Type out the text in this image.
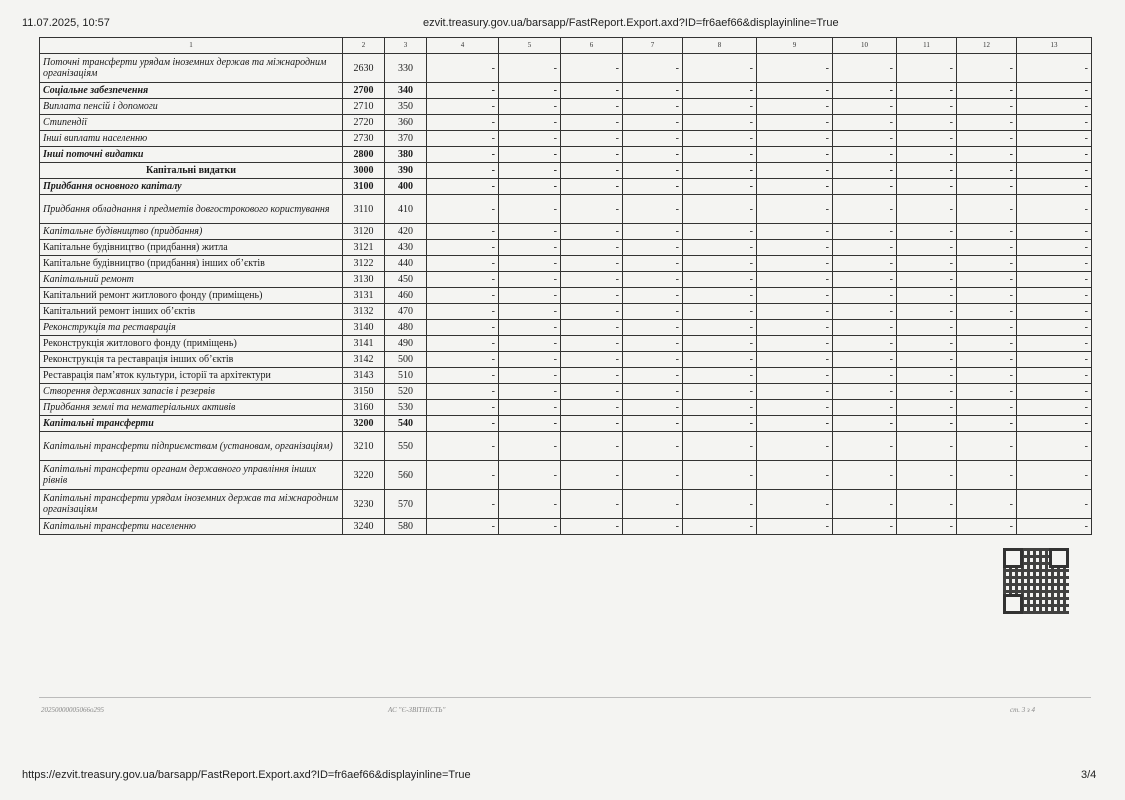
11.07.2025, 10:57	ezvit.treasury.gov.ua/barsapp/FastReport.Export.axd?ID=fr6aef66&displayinline=True
1	2	3	4	5	6	7	8	9	10	11	12	13
Поточні трансферти урядам іноземних держав та міжнародним організаціям	2630	330	-	-	-	-	-	-	-	-	-	-
Соціальне забезпечення	2700	340	-	-	-	-	-	-	-	-	-	-
Виплата пенсій і допомоги	2710	350	-	-	-	-	-	-	-	-	-	-
Стипендії	2720	360	-	-	-	-	-	-	-	-	-	-
Інші виплати населенню	2730	370	-	-	-	-	-	-	-	-	-	-
Інші поточні видатки	2800	380	-	-	-	-	-	-	-	-	-	-
Капітальні видатки	3000	390	-	-	-	-	-	-	-	-	-	-
Придбання основного капіталу	3100	400	-	-	-	-	-	-	-	-	-	-
Придбання обладнання і предметів довгострокового користування	3110	410	-	-	-	-	-	-	-	-	-	-
Капітальне будівництво (придбання)	3120	420	-	-	-	-	-	-	-	-	-	-
Капітальне будівництво (придбання) житла	3121	430	-	-	-	-	-	-	-	-	-	-
Капітальне будівництво (придбання) інших об’єктів	3122	440	-	-	-	-	-	-	-	-	-	-
Капітальний ремонт	3130	450	-	-	-	-	-	-	-	-	-	-
Капітальний ремонт житлового фонду (приміщень)	3131	460	-	-	-	-	-	-	-	-	-	-
Капітальний ремонт інших об’єктів	3132	470	-	-	-	-	-	-	-	-	-	-
Реконструкція та реставрація	3140	480	-	-	-	-	-	-	-	-	-	-
Реконструкція житлового фонду (приміщень)	3141	490	-	-	-	-	-	-	-	-	-	-
Реконструкція та реставрація інших об’єктів	3142	500	-	-	-	-	-	-	-	-	-	-
Реставрація пам’яток культури, історії та архітектури	3143	510	-	-	-	-	-	-	-	-	-	-
Створення державних запасів і резервів	3150	520	-	-	-	-	-	-	-	-	-	-
Придбання землі та нематеріальних активів	3160	530	-	-	-	-	-	-	-	-	-	-
Капітальні трансферти	3200	540	-	-	-	-	-	-	-	-	-	-
Капітальні трансферти підприємствам (установам, організаціям)	3210	550	-	-	-	-	-	-	-	-	-	-
Капітальні трансферти органам державного управління інших рівнів	3220	560	-	-	-	-	-	-	-	-	-	-
Капітальні трансферти урядам іноземних держав та міжнародним організаціям	3230	570	-	-	-	-	-	-	-	-	-	-
Капітальні трансферти населенню	3240	580	-	-	-	-	-	-	-	-	-	-
20250000005066о295	АС "Є-ЗВІТНІСТЬ"	ст. 3 з 4
https://ezvit.treasury.gov.ua/barsapp/FastReport.Export.axd?ID=fr6aef66&displayinline=True	3/4
